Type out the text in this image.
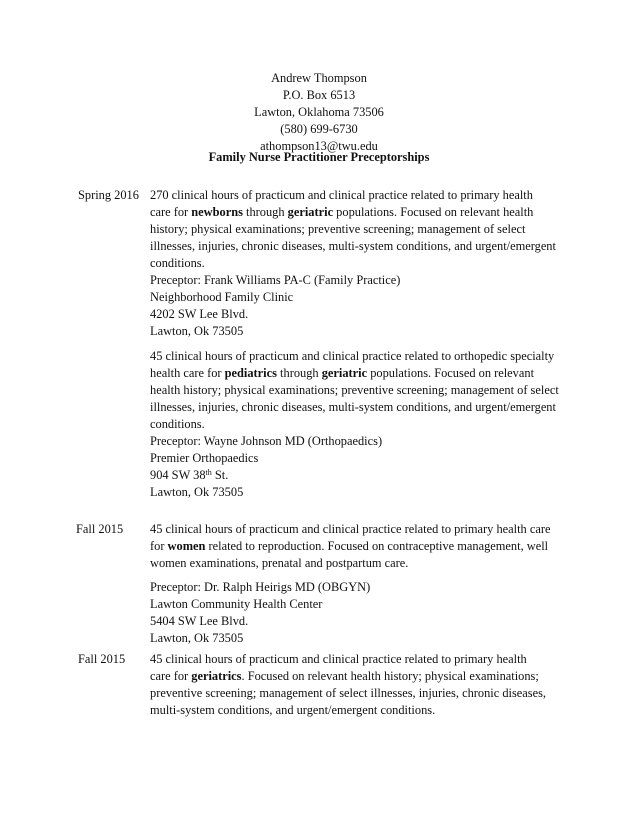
Andrew Thompson
P.O. Box 6513
Lawton, Oklahoma 73506
(580) 699-6730
athompson13@twu.edu
Family Nurse Practitioner Preceptorships
Spring 2016 270 clinical hours of practicum and clinical practice related to primary health
care for newborns through geriatric populations. Focused on relevant health
history; physical examinations; preventive screening; management of select
illnesses, injuries, chronic diseases, multi-system conditions, and urgent/emergent
conditions.
Preceptor: Frank Williams PA-C (Family Practice)
Neighborhood Family Clinic
4202 SW Lee Blvd.
Lawton, Ok 73505
45 clinical hours of practicum and clinical practice related to orthopedic specialty
health care for pediatrics through geriatric populations. Focused on relevant
health history; physical examinations; preventive screening; management of select
illnesses, injuries, chronic diseases, multi-system conditions, and urgent/emergent
conditions.
Preceptor: Wayne Johnson MD (Orthopaedics)
Premier Orthopaedics
904 SW 38th St.
Lawton, Ok 73505
Fall 2015 45 clinical hours of practicum and clinical practice related to primary health care
for women related to reproduction. Focused on contraceptive management, well
women examinations, prenatal and postpartum care.
Preceptor: Dr. Ralph Heirigs MD (OBGYN)
Lawton Community Health Center
5404 SW Lee Blvd.
Lawton, Ok 73505
Fall 2015 45 clinical hours of practicum and clinical practice related to primary health
care for geriatrics. Focused on relevant health history; physical examinations;
preventive screening; management of select illnesses, injuries, chronic diseases,
multi-system conditions, and urgent/emergent conditions.
